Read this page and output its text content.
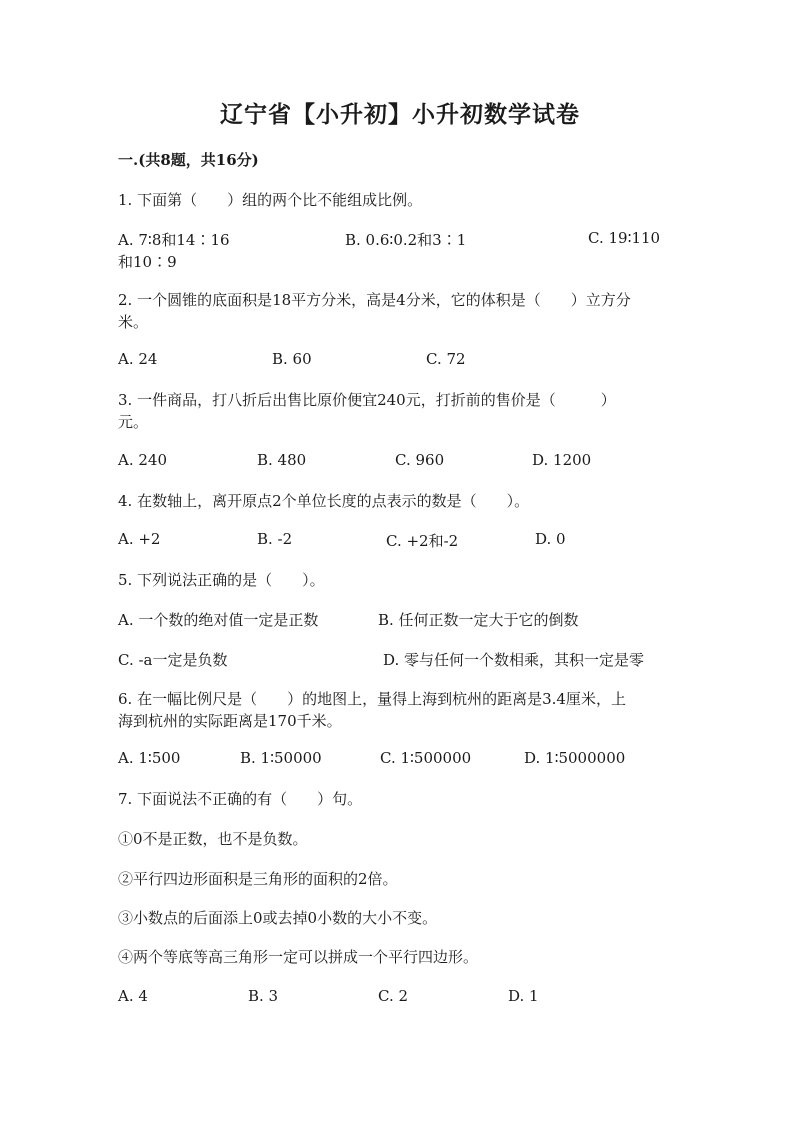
辽宁省【小升初】小升初数学试卷
一.(共8题，共16分)
1. 下面第（　　）组的两个比不能组成比例。
A. 7∶8和14∶16	B. 0.6∶0.2和3∶1	C. 19∶110
和10∶9
2. 一个圆锥的底面积是18平方分米，高是4分米，它的体积是（　　）立方分
米。
A. 24	B. 60	C. 72
3. 一件商品，打八折后出售比原价便宜240元，打折前的售价是（　　　）
元。
A. 240	B. 480	C. 960	D. 1200
4. 在数轴上，离开原点2个单位长度的点表示的数是（　　）。
A. +2	B. -2	C. +2和-2	D. 0
5. 下列说法正确的是（　　）。
A. 一个数的绝对值一定是正数	B. 任何正数一定大于它的倒数
C. -a一定是负数	D. 零与任何一个数相乘，其积一定是零
6. 在一幅比例尺是（　　）的地图上，量得上海到杭州的距离是3.4厘米，上
海到杭州的实际距离是170千米。
A. 1∶500	B. 1∶50000	C. 1∶500000	D. 1∶5000000
7. 下面说法不正确的有（　　）句。
①0不是正数，也不是负数。
②平行四边形面积是三角形的面积的2倍。
③小数点的后面添上0或去掉0小数的大小不变。
④两个等底等高三角形一定可以拼成一个平行四边形。
A. 4	B. 3	C. 2	D. 1
